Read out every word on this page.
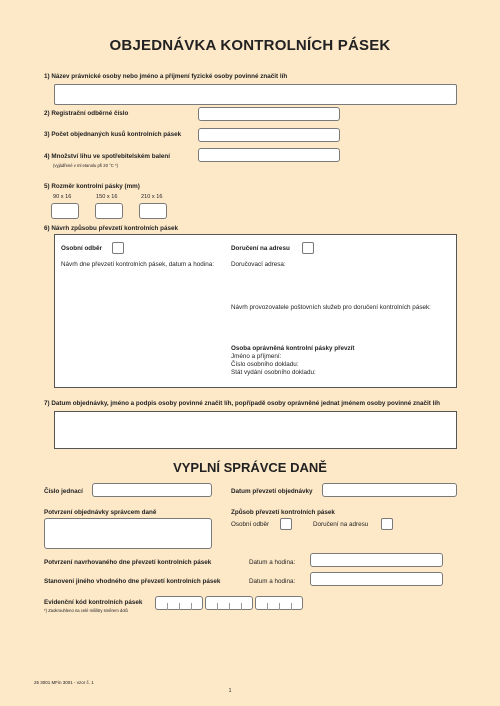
OBJEDNÁVKA KONTROLNÍCH PÁSEK
1) Název právnické osoby nebo jméno a příjmení fyzické osoby povinné značit líh
2) Registrační odběrné číslo
3) Počet objednaných kusů kontrolních pásek
4) Množství lihu ve spotřebitelském balení
(vyjádřené v ml etanolu při 20 °C *)
5) Rozměr kontrolní pásky (mm)
90 x 16	150 x 16	210 x 16
6) Návrh způsobu převzetí kontrolních pásek
Osobní odběr	Doručení na adresu
Návrh dne převzetí kontrolních pásek, datum a hodina:	Doručovací adresa:
Návrh provozovatele poštovních služeb pro doručení kontrolních pásek:
Osoba oprávněná kontrolní pásky převzít
Jméno a příjmení:
Číslo osobního dokladu:
Stát vydání osobního dokladu:
7) Datum objednávky, jméno a podpis osoby povinné značit líh, popřípadě osoby oprávněné jednat jménem osoby povinné značit líh
VYPLNÍ SPRÁVCE DANĚ
Číslo jednací	Datum převzetí objednávky
Potvrzení objednávky správcem daně	Způsob převzetí kontrolních pásek
Osobní odběr	Doručení na adresu
Potvrzení navrhovaného dne převzetí kontrolních pásek	Datum a hodina:
Stanovení jiného vhodného dne převzetí kontrolních pásek	Datum a hodina:
Evidenční kód kontrolních pásek
*) Zaokrouhleno na celé mililitry směrem dolů
25 3001 MFin 3001 - vzor č. 1
1
